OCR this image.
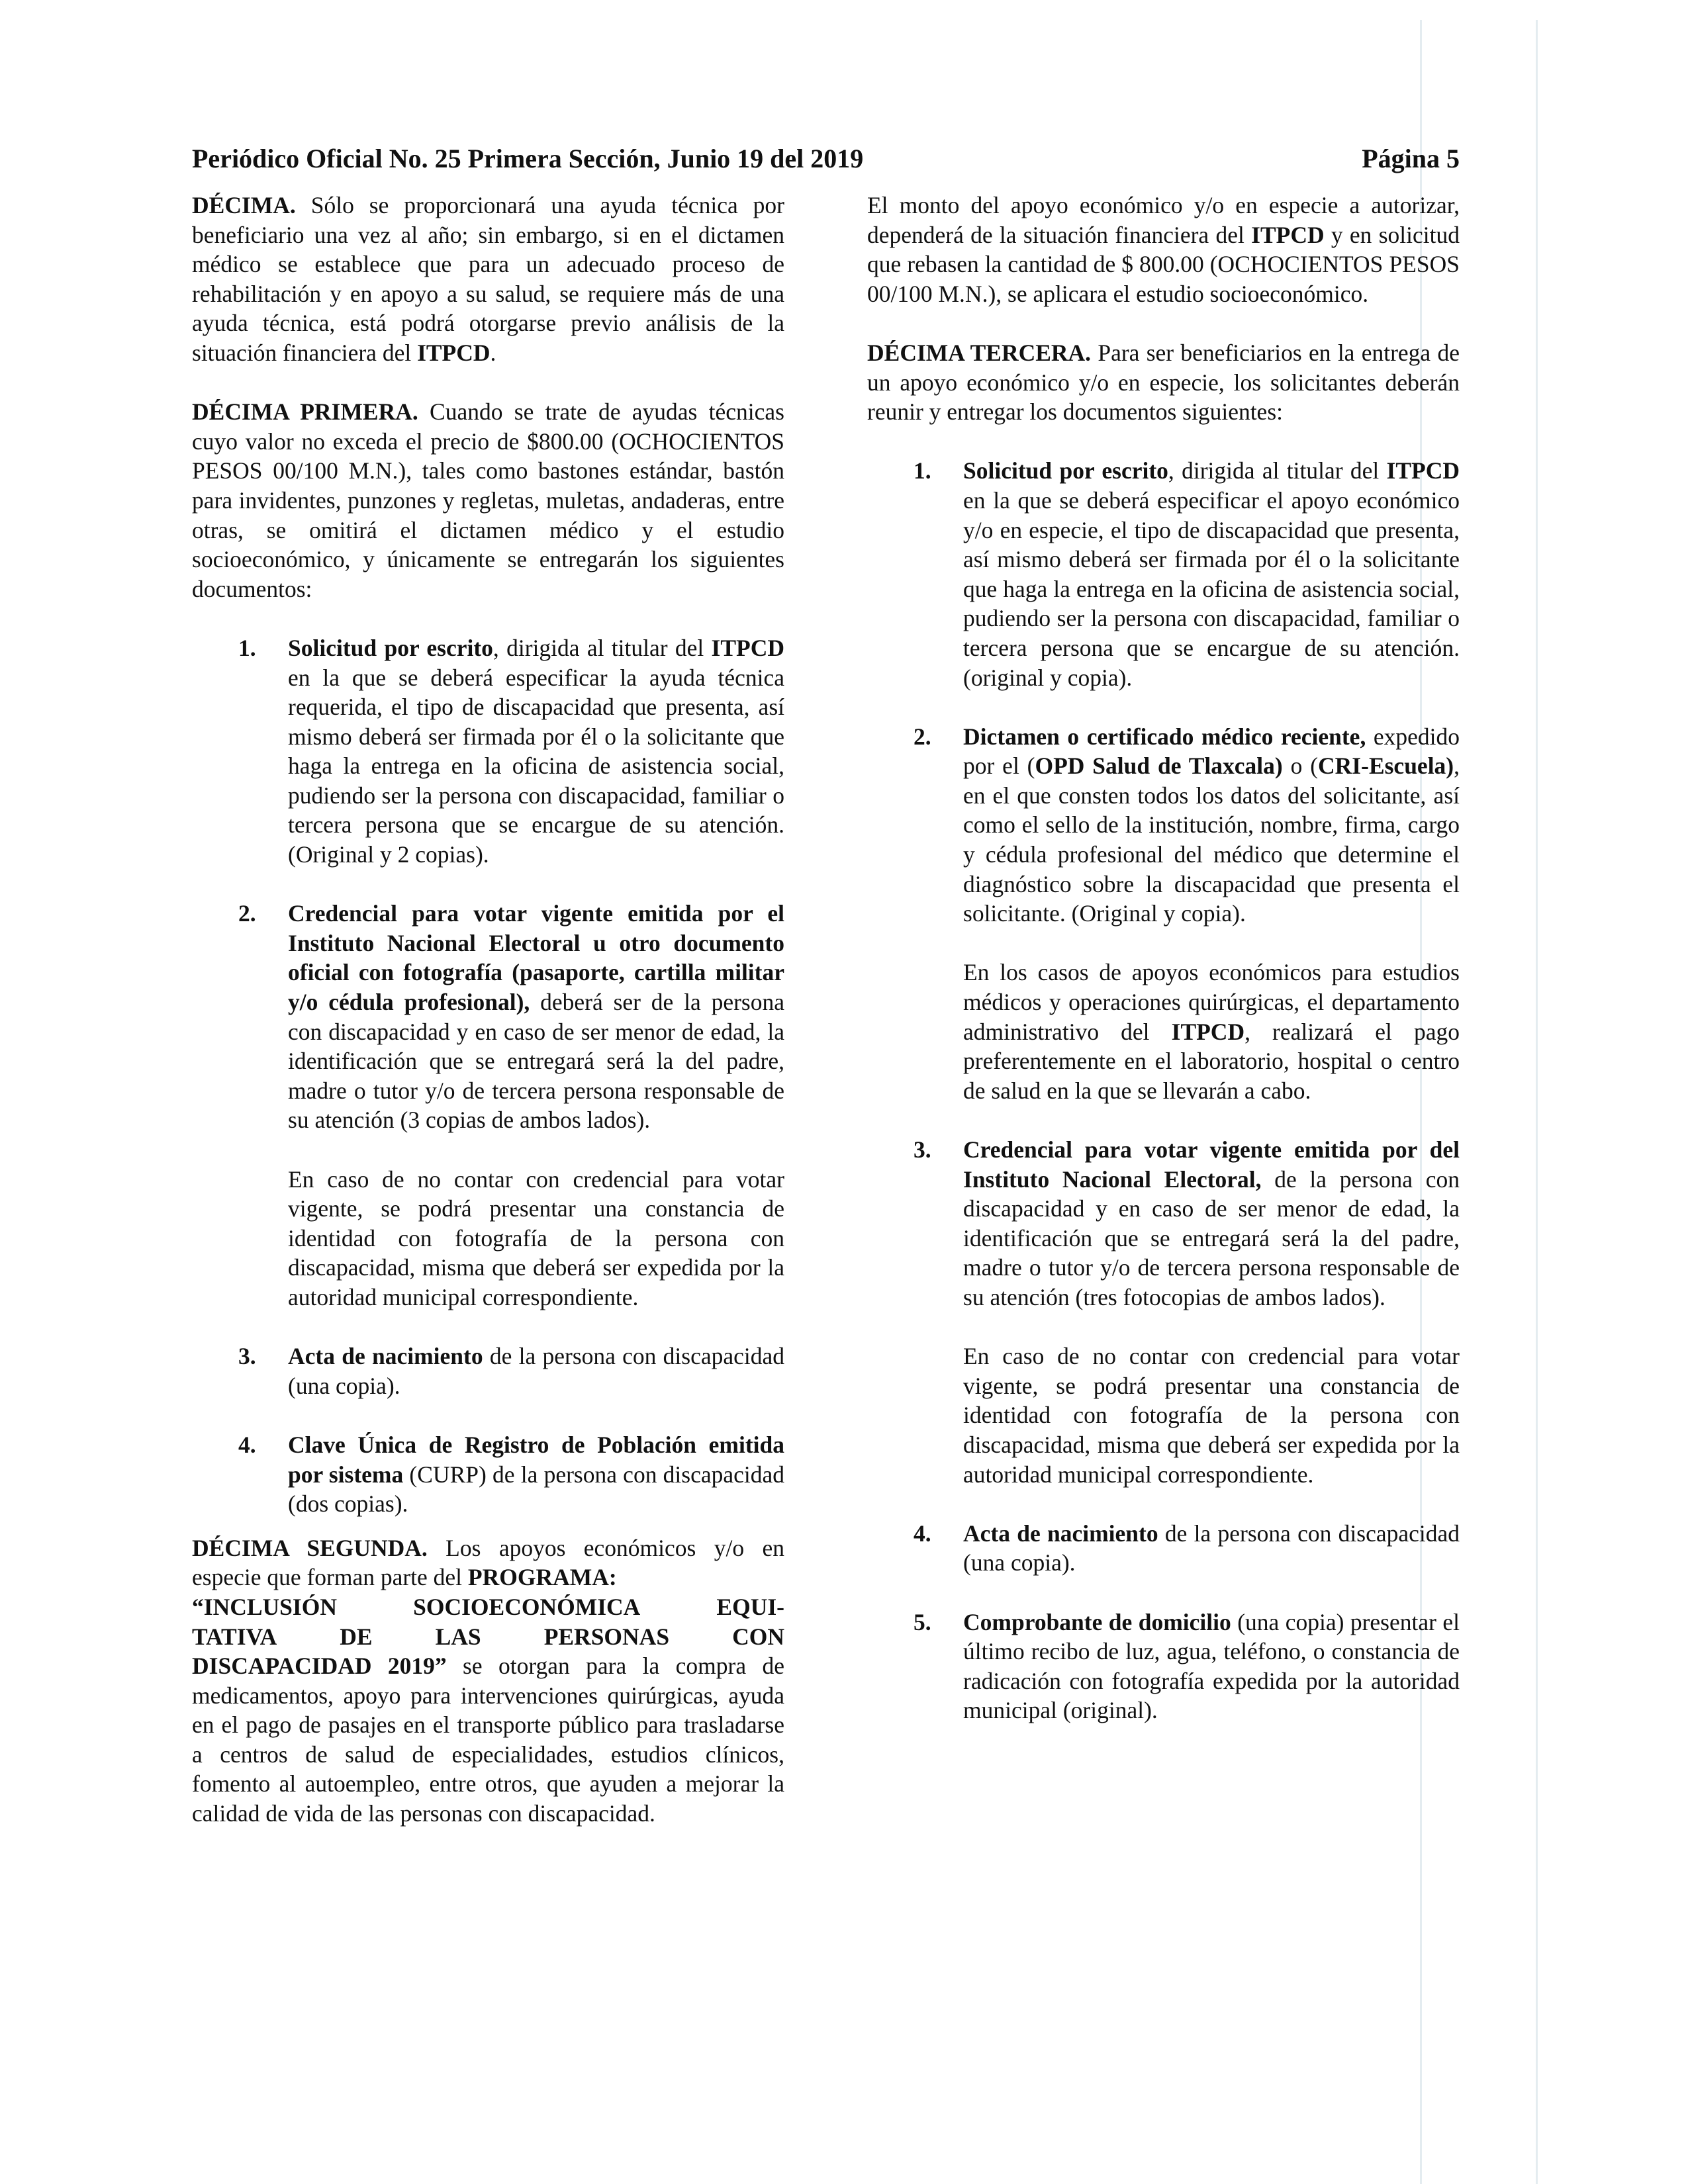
Periódico Oficial No. 25 Primera Sección, Junio 19 del 2019	Página 5

DÉCIMA. Sólo se proporcionará una ayuda técnica por beneficiario una vez al año; sin embargo, si en el dictamen médico se establece que para un adecuado proceso de rehabilitación y en apoyo a su salud, se requiere más de una ayuda técnica, está podrá otorgarse previo análisis de la situación financiera del ITPCD.

DÉCIMA PRIMERA. Cuando se trate de ayudas técnicas cuyo valor no exceda el precio de $800.00 (OCHOCIENTOS PESOS 00/100 M.N.), tales como bastones estándar, bastón para invidentes, punzones y regletas, muletas, andaderas, entre otras, se omitirá el dictamen médico y el estudio socioeconómico, y únicamente se entregarán los siguientes documentos:

1. Solicitud por escrito, dirigida al titular del ITPCD en la que se deberá especificar la ayuda técnica requerida, el tipo de discapacidad que presenta, así mismo deberá ser firmada por él o la solicitante que haga la entrega en la oficina de asistencia social, pudiendo ser la persona con discapacidad, familiar o tercera persona que se encargue de su atención. (Original y 2 copias).
2. Credencial para votar vigente emitida por el Instituto Nacional Electoral u otro documento oficial con fotografía (pasaporte, cartilla militar y/o cédula profesional), deberá ser de la persona con discapacidad y en caso de ser menor de edad, la identificación que se entregará será la del padre, madre o tutor y/o de tercera persona responsable de su atención (3 copias de ambos lados).

En caso de no contar con credencial para votar vigente, se podrá presentar una constancia de identidad con fotografía de la persona con discapacidad, misma que deberá ser expedida por la autoridad municipal correspondiente.

3. Acta de nacimiento de la persona con discapacidad (una copia).
4. Clave Única de Registro de Población emitida por sistema (CURP) de la persona con discapacidad (dos copias).
DÉCIMA SEGUNDA. Los apoyos económicos y/o en especie que forman parte del PROGRAMA:
“INCLUSIÓN	SOCIOECONÓMICA	EQUI-
TATIVA	DE	LAS	PERSONAS	CON
DISCAPACIDAD 2019” se otorgan para la compra de medicamentos, apoyo para intervenciones quirúrgicas, ayuda en el pago de pasajes en el transporte público para trasladarse a centros de salud de especialidades, estudios clínicos, fomento al autoempleo, entre otros, que ayuden a mejorar la calidad de vida de las personas con discapacidad.

El monto del apoyo económico y/o en especie a autorizar, dependerá de la situación financiera del ITPCD y en solicitud que rebasen la cantidad de $ 800.00 (OCHOCIENTOS PESOS 00/100 M.N.), se aplicara el estudio socioeconómico.

DÉCIMA TERCERA. Para ser beneficiarios en la entrega de un apoyo económico y/o en especie, los solicitantes deberán reunir y entregar los documentos siguientes:

1. Solicitud por escrito, dirigida al titular del ITPCD en la que se deberá especificar el apoyo económico y/o en especie, el tipo de discapacidad que presenta, así mismo deberá ser firmada por él o la solicitante que haga la entrega en la oficina de asistencia social, pudiendo ser la persona con discapacidad, familiar o tercera persona que se encargue de su atención. (original y copia).
2. Dictamen o certificado médico reciente, expedido por el (OPD Salud de Tlaxcala) o (CRI-Escuela), en el que consten todos los datos del solicitante, así como el sello de la institución, nombre, firma, cargo y cédula profesional del médico que determine el diagnóstico sobre la discapacidad que presenta el solicitante. (Original y copia).

En los casos de apoyos económicos para estudios médicos y operaciones quirúrgicas, el departamento administrativo del ITPCD, realizará el pago preferentemente en el laboratorio, hospital o centro de salud en la que se llevarán a cabo.

3. Credencial para votar vigente emitida por del Instituto Nacional Electoral, de la persona con discapacidad y en caso de ser menor de edad, la identificación que se entregará será la del padre, madre o tutor y/o de tercera persona responsable de su atención (tres fotocopias de ambos lados).

En caso de no contar con credencial para votar vigente, se podrá presentar una constancia de identidad con fotografía de la persona con discapacidad, misma que deberá ser expedida por la autoridad municipal correspondiente.

4. Acta de nacimiento de la persona con discapacidad (una copia).
5. Comprobante de domicilio (una copia) presentar el último recibo de luz, agua, teléfono, o constancia de radicación con fotografía expedida por la autoridad municipal (original).
